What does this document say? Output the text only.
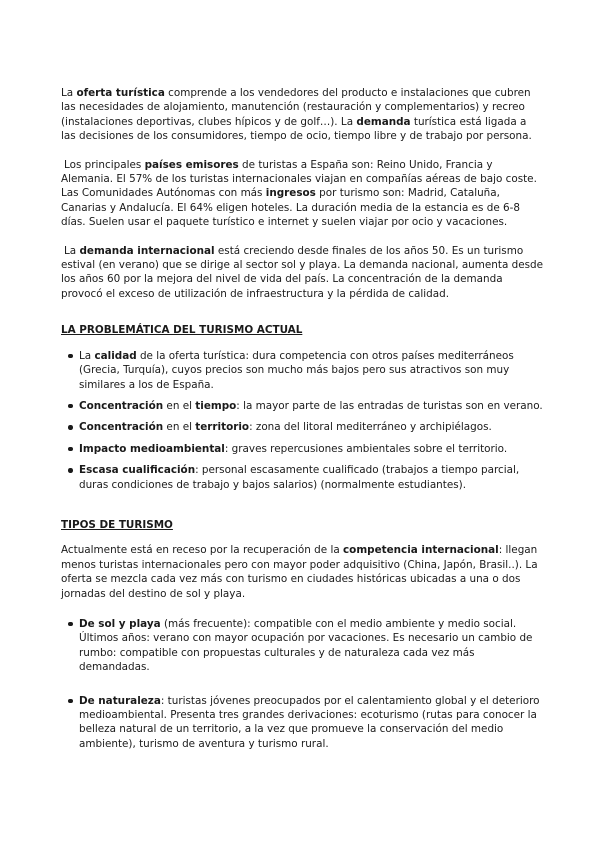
La oferta turística comprende a los vendedores del producto e instalaciones que cubren las necesidades de alojamiento, manutención (restauración y complementarios) y recreo (instalaciones deportivas, clubes hípicos y de golf…). La demanda turística está ligada a las decisiones de los consumidores, tiempo de ocio, tiempo libre y de trabajo por persona.

Los principales países emisores de turistas a España son: Reino Unido, Francia y Alemania. El 57% de los turistas internacionales viajan en compañías aéreas de bajo coste. Las Comunidades Autónomas con más ingresos por turismo son: Madrid, Cataluña, Canarias y Andalucía. El 64% eligen hoteles. La duración media de la estancia es de 6-8 días. Suelen usar el paquete turístico e internet y suelen viajar por ocio y vacaciones.

La demanda internacional está creciendo desde finales de los años 50. Es un turismo estival (en verano) que se dirige al sector sol y playa. La demanda nacional, aumenta desde los años 60 por la mejora del nivel de vida del país. La concentración de la demanda provocó el exceso de utilización de infraestructura y la pérdida de calidad.

LA PROBLEMÁTICA DEL TURISMO ACTUAL
La calidad de la oferta turística: dura competencia con otros países mediterráneos (Grecia, Turquía), cuyos precios son mucho más bajos pero sus atractivos son muy similares a los de España.
Concentración en el tiempo: la mayor parte de las entradas de turistas son en verano.
Concentración en el territorio: zona del litoral mediterráneo y archipiélagos.
Impacto medioambiental: graves repercusiones ambientales sobre el territorio.
Escasa cualificación: personal escasamente cualificado (trabajos a tiempo parcial, duras condiciones de trabajo y bajos salarios) (normalmente estudiantes).
TIPOS DE TURISMO

Actualmente está en receso por la recuperación de la competencia internacional: llegan menos turistas internacionales pero con mayor poder adquisitivo (China, Japón, Brasil..). La oferta se mezcla cada vez más con turismo en ciudades históricas ubicadas a una o dos jornadas del destino de sol y playa.

De sol y playa (más frecuente): compatible con el medio ambiente y medio social. Últimos años: verano con mayor ocupación por vacaciones. Es necesario un cambio de rumbo: compatible con propuestas culturales y de naturaleza cada vez más demandadas.
De naturaleza: turistas jóvenes preocupados por el calentamiento global y el deterioro medioambiental. Presenta tres grandes derivaciones: ecoturismo (rutas para conocer la belleza natural de un territorio, a la vez que promueve la conservación del medio ambiente), turismo de aventura y turismo rural.
